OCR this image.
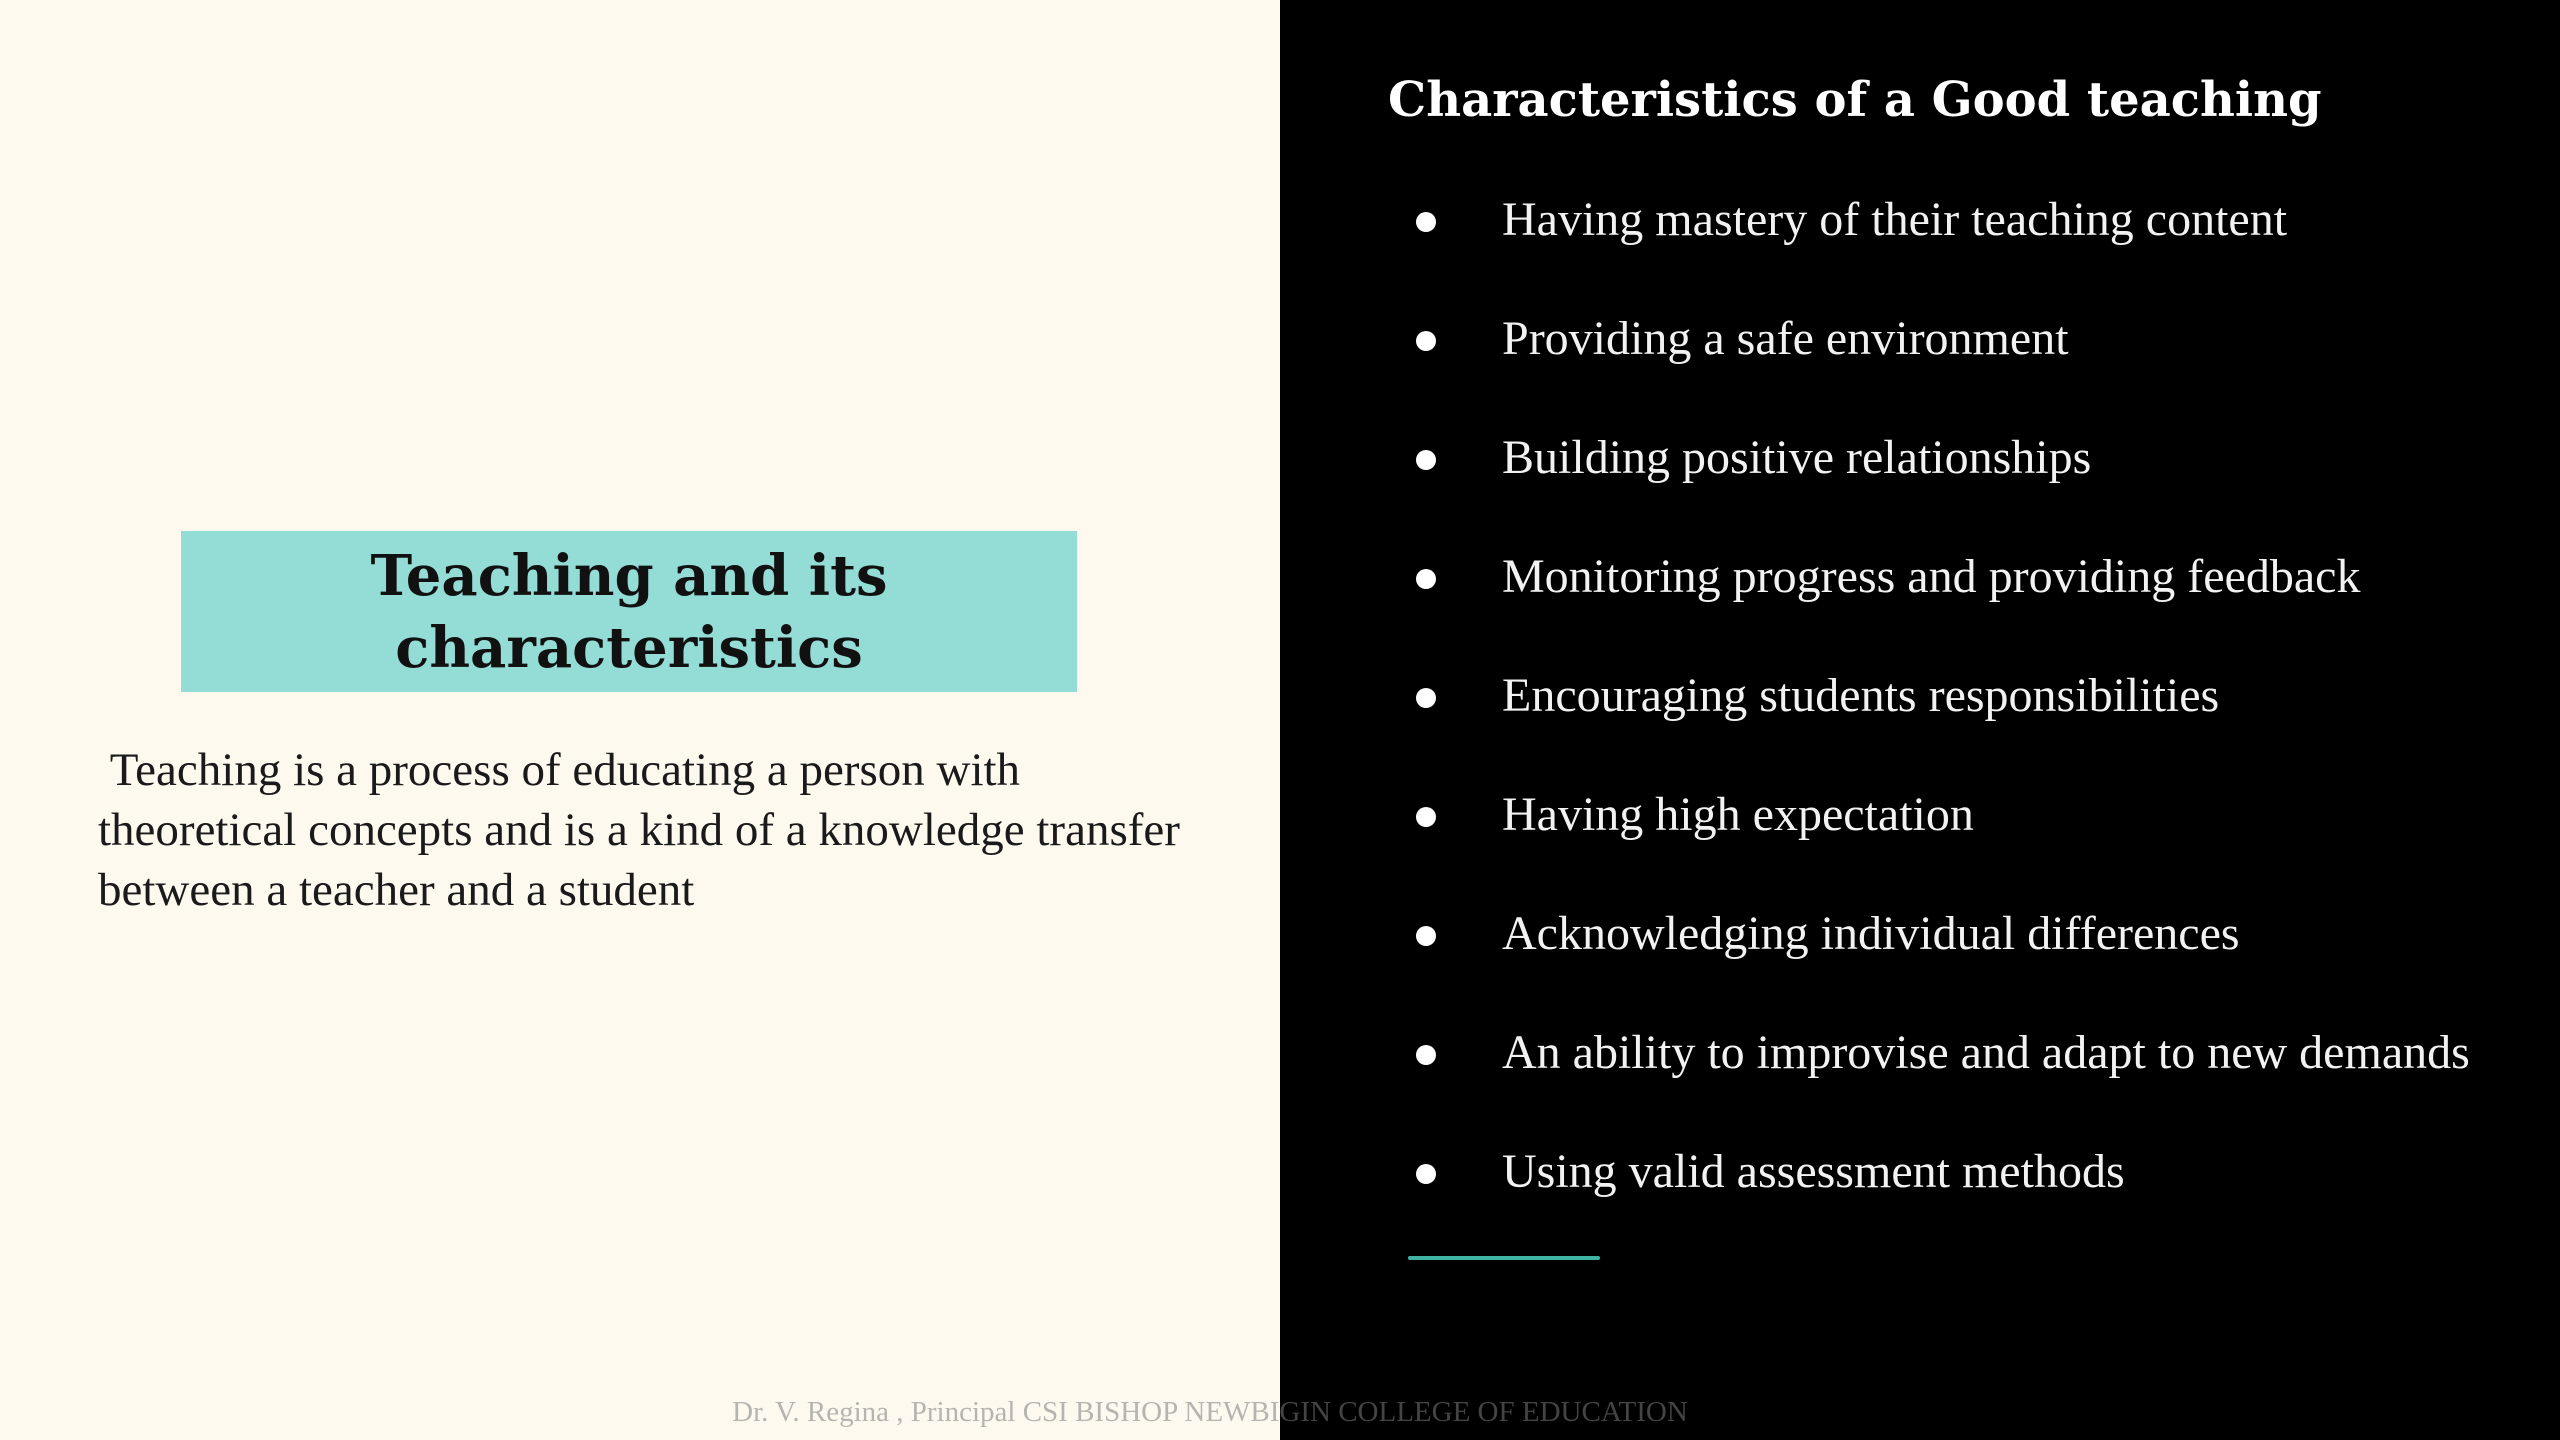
Teaching and its characteristics

Teaching is a process of educating a person with theoretical concepts and is a kind of a knowledge transfer between a teacher and a student

Characteristics of a Good teaching
Having mastery of their teaching content
Providing a safe environment
Building positive relationships
Monitoring progress and providing feedback
Encouraging students responsibilities
Having high expectation
Acknowledging individual differences
An ability to improvise and adapt to new demands
Using valid assessment methods

Dr. V. Regina , Principal CSI BISHOP NEWBIGIN COLLEGE OF EDUCATION
